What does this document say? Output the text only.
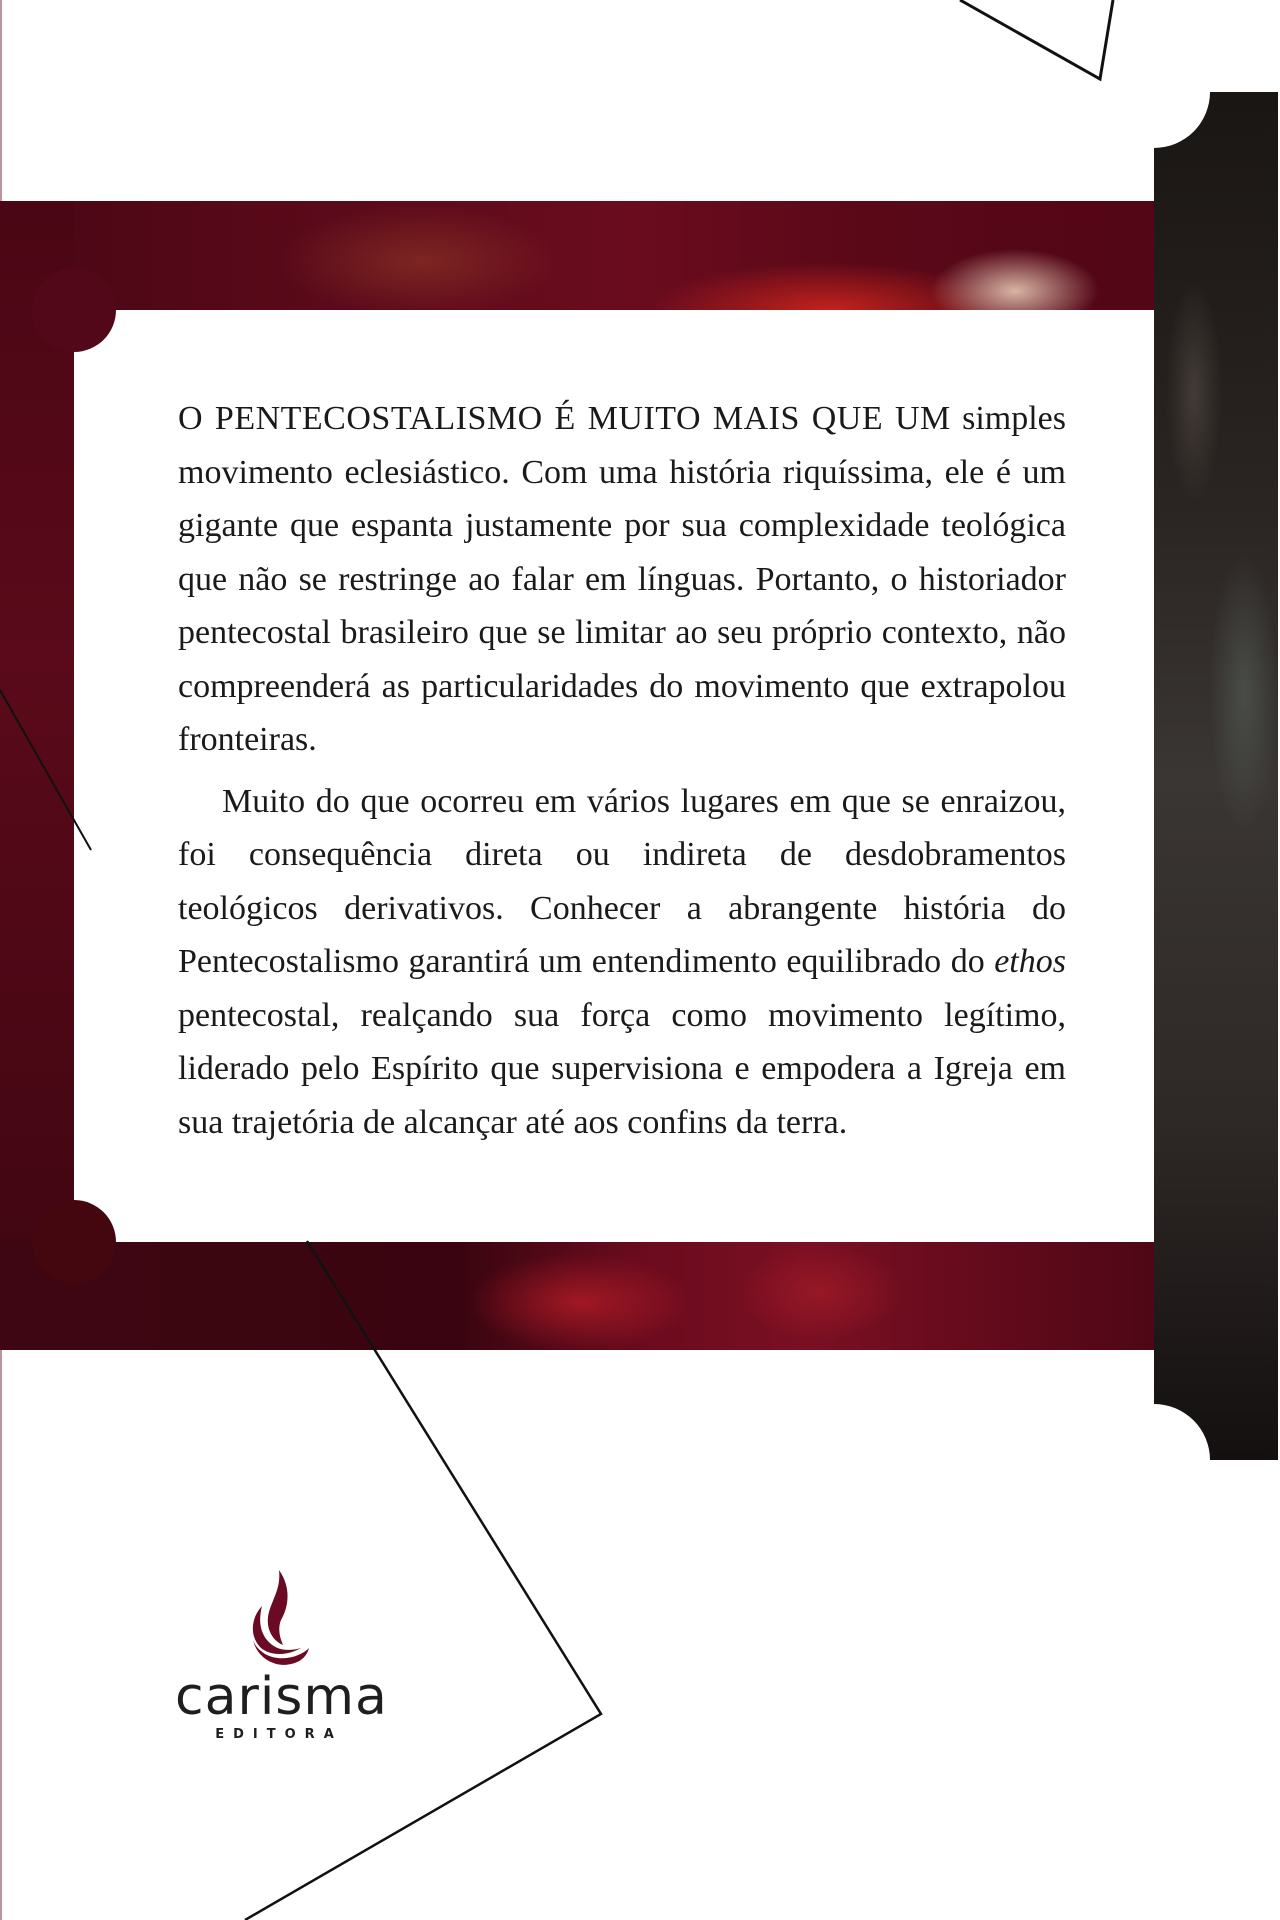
O PENTECOSTALISMO É MUITO MAIS QUE UM simples movimento eclesiástico. Com uma história riquíssima, ele é um gigante que espanta justamente por sua complexidade teológica que não se restringe ao falar em línguas. Portanto, o historiador pentecostal brasileiro que se limitar ao seu próprio contexto, não compreenderá as particularidades do movimento que extrapolou fronteiras.

Muito do que ocorreu em vários lugares em que se enraizou, foi consequência direta ou indireta de desdobramentos teológicos derivativos. Conhecer a abrangente história do Pentecostalismo garantirá um entendimento equilibrado do ethos pentecostal, realçando sua força como movimento legítimo, liderado pelo Espírito que supervisiona e empodera a Igreja em sua trajetória de alcançar até aos confins da terra.

carisma
EDITORA
